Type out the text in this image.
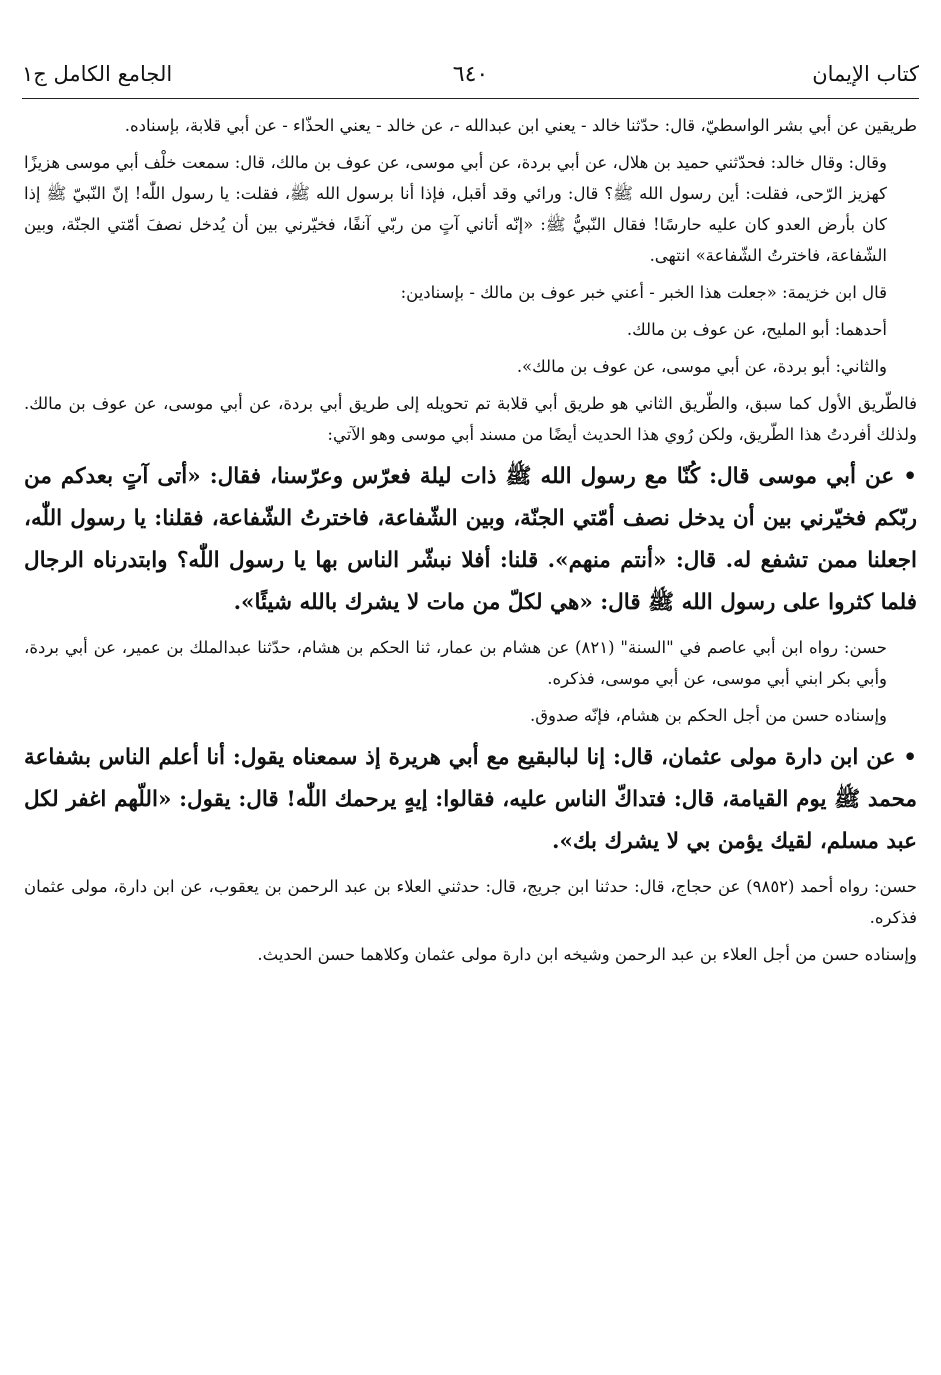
كتاب الإيمان
٦٤٠
الجامع الكامل ج١

طريقين عن أبي بشر الواسطيّ، قال: حدّثنا خالد - يعني ابن عبدالله -، عن خالد - يعني الحذّاء - عن أبي قلابة، بإسناده.

وقال: وقال خالد: فحدّثني حميد بن هلال، عن أبي بردة، عن أبي موسى، عن عوف بن مالك، قال: سمعت خلْف أبي موسى هزيزًا كهزيز الرّحى، فقلت: أين رسول الله ﷺ؟ قال: ورائي وقد أقبل، فإذا أنا برسول الله ﷺ، فقلت: يا رسول اللّٰه! إنّ النّبيّ ﷺ إذا كان بأرض العدو كان عليه حارسًا! فقال النّبيُّ ﷺ: «إنّه أتاني آتٍ من ربّي آنفًا، فخيّرني بين أن يُدخل نصفَ أمّتي الجنّة، وبين الشّفاعة، فاخترتُ الشّفاعة» انتهى.

قال ابن خزيمة: «جعلت هذا الخبر - أعني خبر عوف بن مالك - بإسنادين:

أحدهما: أبو المليح، عن عوف بن مالك.

والثاني: أبو بردة، عن أبي موسى، عن عوف بن مالك».

فالطّريق الأول كما سبق، والطّريق الثاني هو طريق أبي قلابة تم تحويله إلى طريق أبي بردة، عن أبي موسى، عن عوف بن مالك. ولذلك أفردتُ هذا الطّريق، ولكن رُوي هذا الحديث أيضًا من مسند أبي موسى وهو الآتي:

• عن أبي موسى قال: كُنّا مع رسول الله ﷺ ذات ليلة فعرّس وعرّسنا، فقال: «أتى آتٍ بعدكم من ربّكم فخيّرني بين أن يدخل نصف أمّتي الجنّة، وبين الشّفاعة، فاخترتُ الشّفاعة، فقلنا: يا رسول اللّٰه، اجعلنا ممن تشفع له. قال: «أنتم منهم». قلنا: أفلا نبشّر الناس بها يا رسول اللّٰه؟ وابتدرناه الرجال فلما كثروا على رسول الله ﷺ قال: «هي لكلّ من مات لا يشرك بالله شيئًا».

حسن: رواه ابن أبي عاصم في "السنة" (٨٢١) عن هشام بن عمار، ثنا الحكم بن هشام، حدّثنا عبدالملك بن عمير، عن أبي بردة، وأبي بكر ابني أبي موسى، عن أبي موسى، فذكره.

وإسناده حسن من أجل الحكم بن هشام، فإنّه صدوق.

• عن ابن دارة مولى عثمان، قال: إنا لبالبقيع مع أبي هريرة إذ سمعناه يقول: أنا أعلم الناس بشفاعة محمد ﷺ يوم القيامة، قال: فتداكّ الناس عليه، فقالوا: إيهٍ يرحمك اللّٰه! قال: يقول: «اللّهم اغفر لكل عبد مسلم، لقيك يؤمن بي لا يشرك بك».

حسن: رواه أحمد (٩٨٥٢) عن حجاج، قال: حدثنا ابن جريج، قال: حدثني العلاء بن عبد الرحمن بن يعقوب، عن ابن دارة، مولى عثمان فذكره.

وإسناده حسن من أجل العلاء بن عبد الرحمن وشيخه ابن دارة مولى عثمان وكلاهما حسن الحديث.
